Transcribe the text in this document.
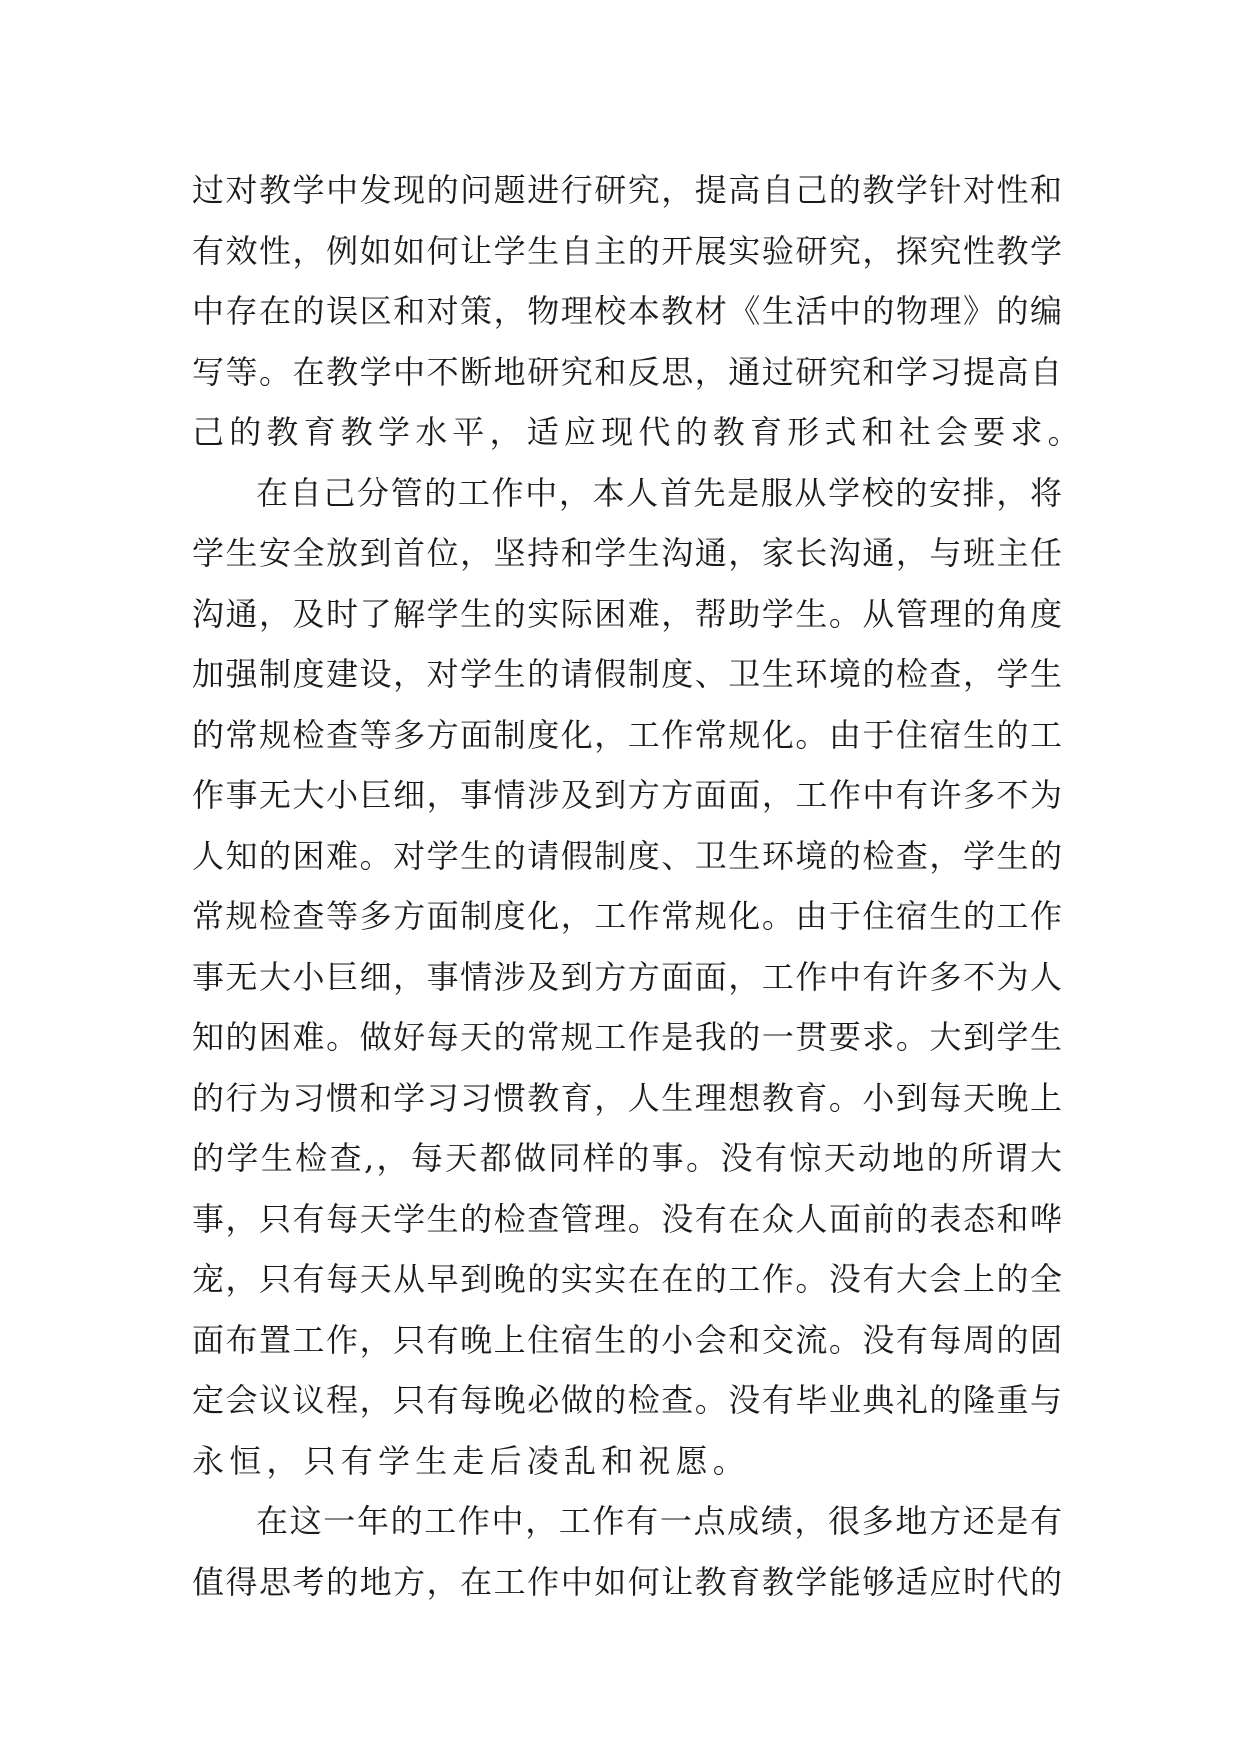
过对教学中发现的问题进行研究，提高自己的教学针对性和
有效性，例如如何让学生自主的开展实验研究，探究性教学
中存在的误区和对策，物理校本教材《生活中的物理》的编
写等。在教学中不断地研究和反思，通过研究和学习提高自
己的教育教学水平，适应现代的教育形式和社会要求。
在自己分管的工作中，本人首先是服从学校的安排，将
学生安全放到首位，坚持和学生沟通，家长沟通，与班主任
沟通，及时了解学生的实际困难，帮助学生。从管理的角度
加强制度建设，对学生的请假制度、卫生环境的检查，学生
的常规检查等多方面制度化，工作常规化。由于住宿生的工
作事无大小巨细，事情涉及到方方面面，工作中有许多不为
人知的困难。对学生的请假制度、卫生环境的检查，学生的
常规检查等多方面制度化，工作常规化。由于住宿生的工作
事无大小巨细，事情涉及到方方面面，工作中有许多不为人
知的困难。做好每天的常规工作是我的一贯要求。大到学生
的行为习惯和学习习惯教育，人生理想教育。小到每天晚上
的学生检查,，每天都做同样的事。没有惊天动地的所谓大
事，只有每天学生的检查管理。没有在众人面前的表态和哗
宠，只有每天从早到晚的实实在在的工作。没有大会上的全
面布置工作，只有晚上住宿生的小会和交流。没有每周的固
定会议议程，只有每晚必做的检查。没有毕业典礼的隆重与
永恒，只有学生走后凌乱和祝愿。
在这一年的工作中，工作有一点成绩，很多地方还是有
值得思考的地方，在工作中如何让教育教学能够适应时代的
